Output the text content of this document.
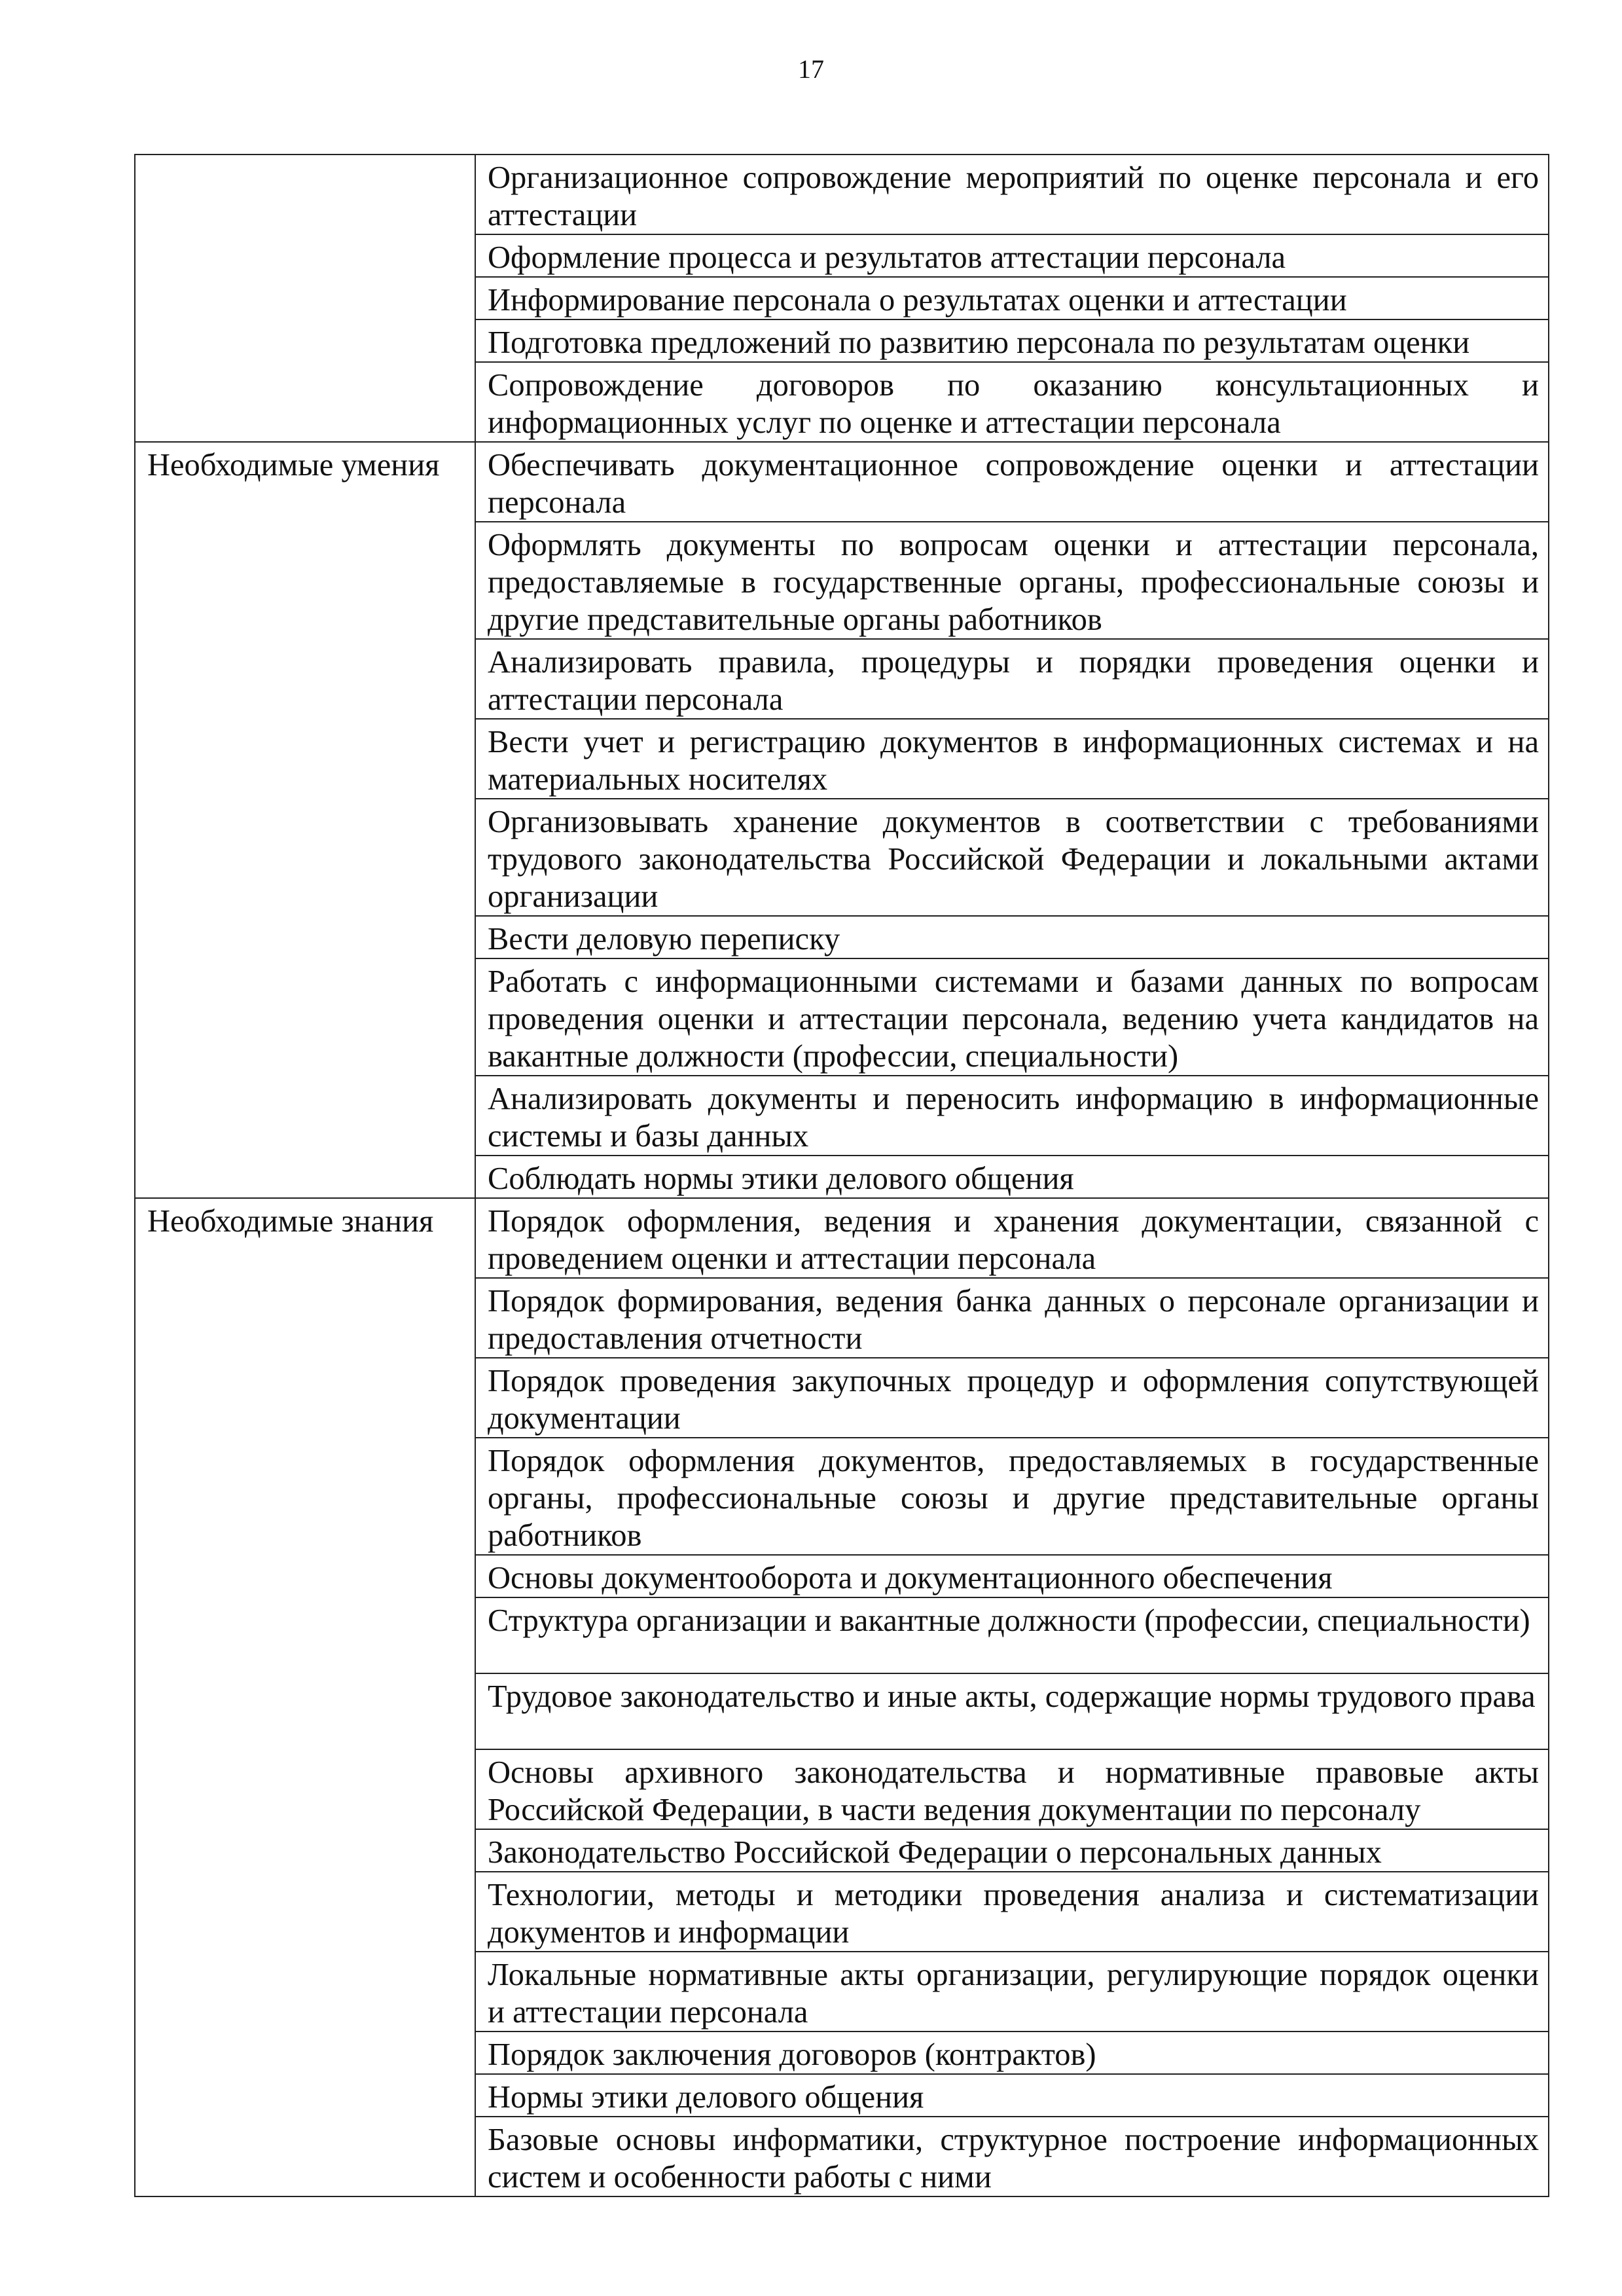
17
	Организационное сопровождение мероприятий по оценке персонала и его аттестации
	Оформление процесса и результатов аттестации персонала
	Информирование персонала о результатах оценки и аттестации
	Подготовка предложений по развитию персонала по результатам оценки
	Сопровождение договоров по оказанию консультационных и информационных услуг по оценке и аттестации персонала
Необходимые умения	Обеспечивать документационное сопровождение оценки и аттестации персонала
	Оформлять документы по вопросам оценки и аттестации персонала, предоставляемые в государственные органы, профессиональные союзы и другие представительные органы работников
	Анализировать правила, процедуры и порядки проведения оценки и аттестации персонала
	Вести учет и регистрацию документов в информационных системах и на материальных носителях
	Организовывать хранение документов в соответствии с требованиями трудового законодательства Российской Федерации и локальными актами организации
	Вести деловую переписку
	Работать с информационными системами и базами данных по вопросам проведения оценки и аттестации персонала, ведению учета кандидатов на вакантные должности (профессии, специальности)
	Анализировать документы и переносить информацию в информационные системы и базы данных
	Соблюдать нормы этики делового общения
Необходимые знания	Порядок оформления, ведения и хранения документации, связанной с проведением оценки и аттестации персонала
	Порядок формирования, ведения банка данных о персонале организации и предоставления отчетности
	Порядок проведения закупочных процедур и оформления сопутствующей документации
	Порядок оформления документов, предоставляемых в государственные органы, профессиональные союзы и другие представительные органы работников
	Основы документооборота и документационного обеспечения
	Структура организации и вакантные должности (профессии, специальности)
	Трудовое законодательство и иные акты, содержащие нормы трудового права
	Основы архивного законодательства и нормативные правовые акты Российской Федерации, в части ведения документации по персоналу
	Законодательство Российской Федерации о персональных данных
	Технологии, методы и методики проведения анализа и систематизации документов и информации
	Локальные нормативные акты организации, регулирующие порядок оценки и аттестации персонала
	Порядок заключения договоров (контрактов)
	Нормы этики делового общения
	Базовые основы информатики, структурное построение информационных систем и особенности работы с ними
